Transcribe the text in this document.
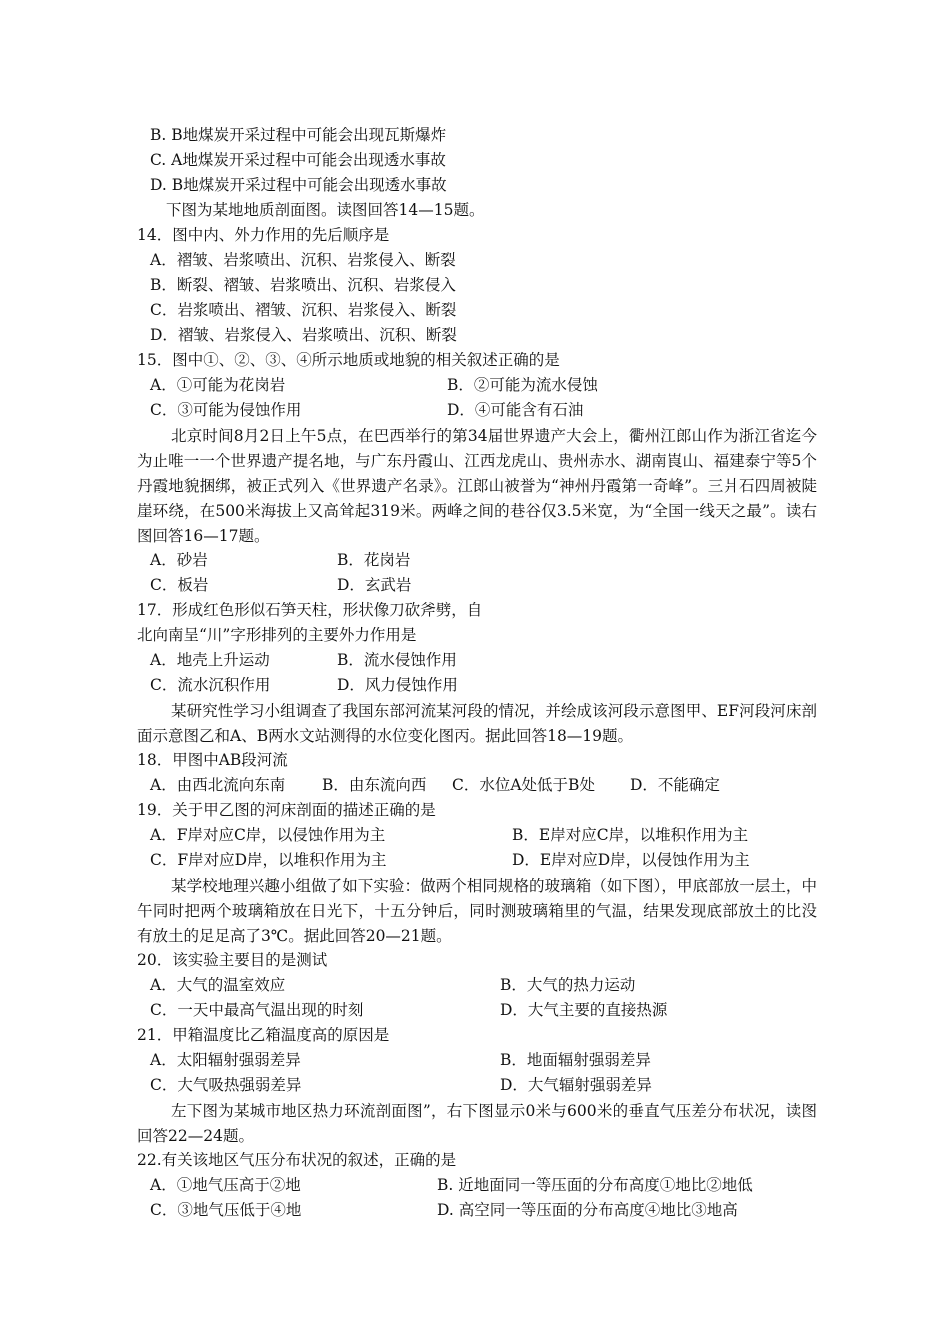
B. B地煤炭开采过程中可能会出现瓦斯爆炸
C. A地煤炭开采过程中可能会出现透水事故
D. B地煤炭开采过程中可能会出现透水事故
下图为某地地质剖面图。读图回答14—15题。
14．图中内、外力作用的先后顺序是
A．褶皱、岩浆喷出、沉积、岩浆侵入、断裂
B．断裂、褶皱、岩浆喷出、沉积、岩浆侵入
C．岩浆喷出、褶皱、沉积、岩浆侵入、断裂
D．褶皱、岩浆侵入、岩浆喷出、沉积、断裂
15．图中①、②、③、④所示地质或地貌的相关叙述正确的是
A．①可能为花岗岩	B．②可能为流水侵蚀
C．③可能为侵蚀作用	D．④可能含有石油
北京时间8月2日上午5点，在巴西举行的第34届世界遗产大会上，衢州江郎山作为浙江省迄今为止唯一一个世界遗产提名地，与广东丹霞山、江西龙虎山、贵州赤水、湖南崀山、福建泰宁等5个丹霞地貌捆绑，被正式列入《世界遗产名录》。江郎山被誉为“神州丹霞第一奇峰”。三爿石四周被陡崖环绕，在500米海拔上又高耸起319米。两峰之间的巷谷仅3.5米宽，为“全国一线天之最”。读右图回答16—17题。
A．砂岩	B．花岗岩
C．板岩	D．玄武岩
17．形成红色形似石笋天柱，形状像刀砍斧劈，自
北向南呈“川”字形排列的主要外力作用是
A．地壳上升运动	B．流水侵蚀作用
C．流水沉积作用	D．风力侵蚀作用
某研究性学习小组调查了我国东部河流某河段的情况，并绘成该河段示意图甲、EF河段河床剖面示意图乙和A、B两水文站测得的水位变化图丙。据此回答18—19题。
18．甲图中AB段河流
A．由西北流向东南 B．由东流向西 C．水位A处低于B处 D．不能确定
19．关于甲乙图的河床剖面的描述正确的是
A．F岸对应C岸，以侵蚀作用为主	B．E岸对应C岸，以堆积作用为主
C．F岸对应D岸，以堆积作用为主	D．E岸对应D岸，以侵蚀作用为主
某学校地理兴趣小组做了如下实验：做两个相同规格的玻璃箱（如下图），甲底部放一层土，中午同时把两个玻璃箱放在日光下，十五分钟后，同时测玻璃箱里的气温，结果发现底部放土的比没有放土的足足高了3℃。据此回答20—21题。
20．该实验主要目的是测试
A．大气的温室效应	B．大气的热力运动
C．一天中最高气温出现的时刻	D．大气主要的直接热源
21．甲箱温度比乙箱温度高的原因是
A．太阳辐射强弱差异	B．地面辐射强弱差异
C．大气吸热强弱差异	D．大气辐射强弱差异
左下图为某城市地区热力环流剖面图”，右下图显示0米与600米的垂直气压差分布状况，读图回答22—24题。
22.有关该地区气压分布状况的叙述，正确的是
A．①地气压高于②地	B. 近地面同一等压面的分布高度①地比②地低
C．③地气压低于④地	D. 高空同一等压面的分布高度④地比③地高
